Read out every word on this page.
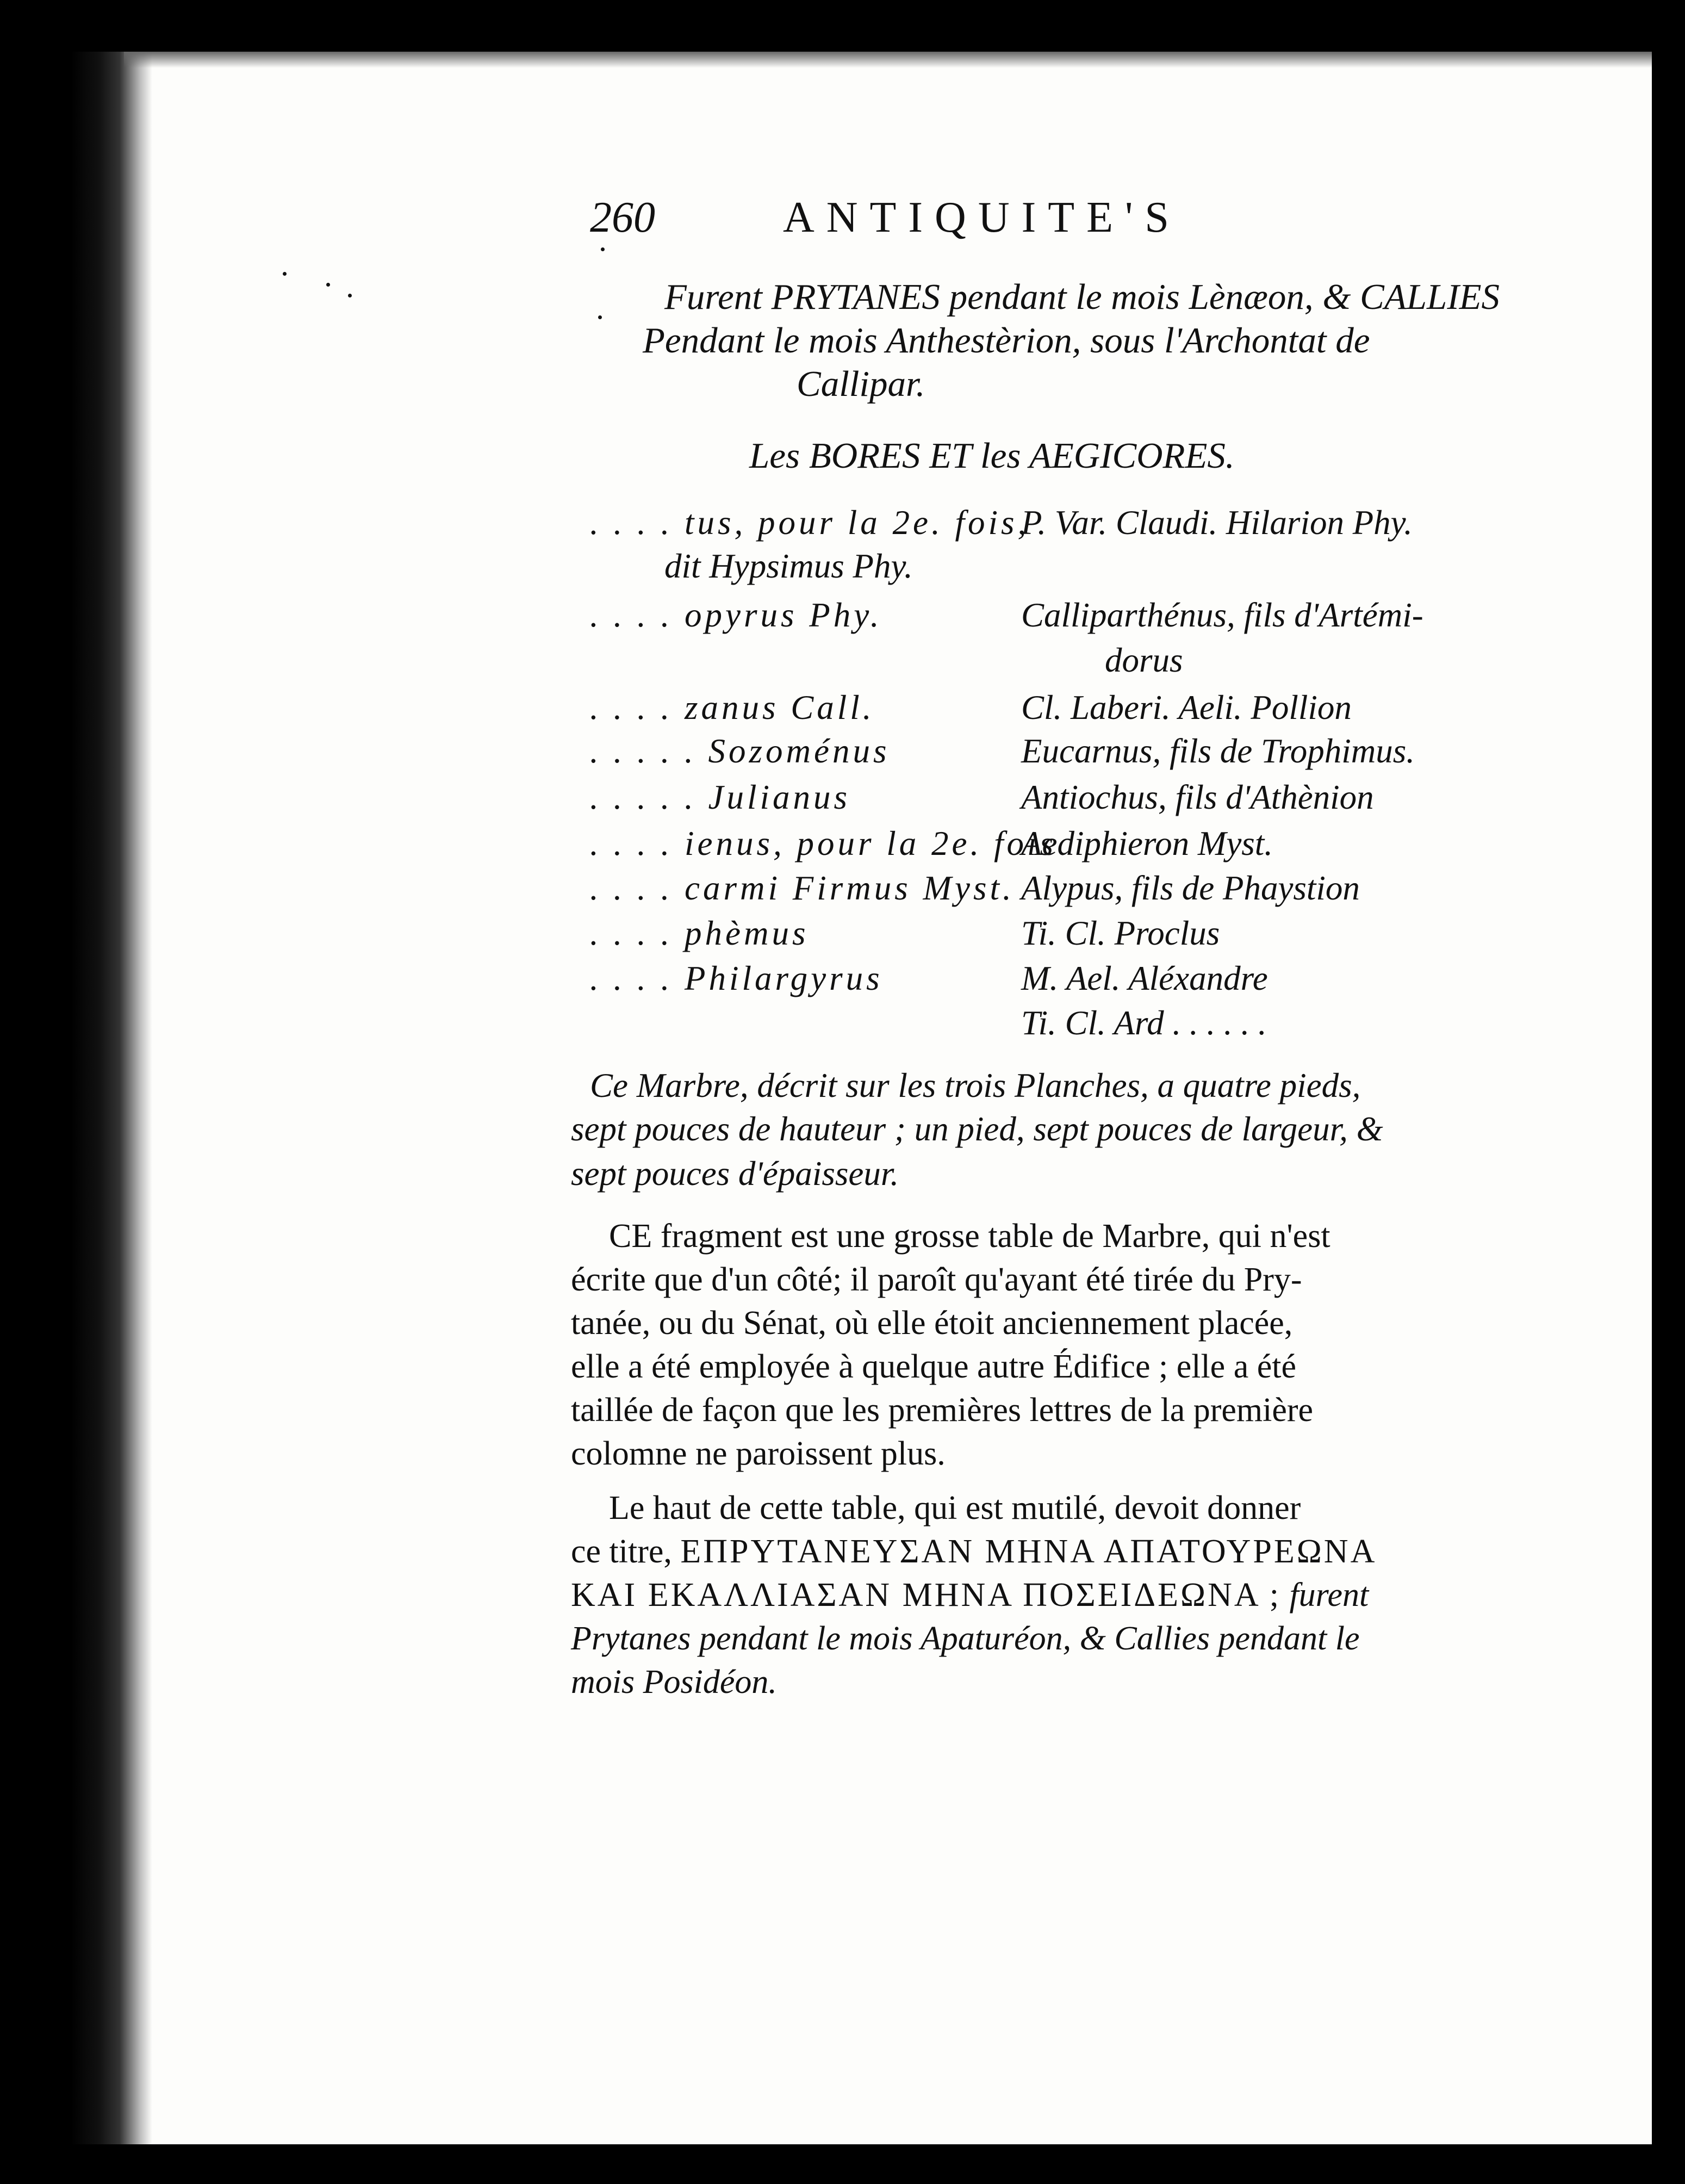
260	ANTIQUITE'S
Furent PRYTANES pendant le mois Lènæon, & CALLIES
Pendant le mois Anthestèrion, sous l'Archontat de
Callipar.
Les BORES ET les AEGICORES.
. . . . tus, pour la 2e. fois,
dit Hypsimus Phy.
. . . . opyrus Phy.
. . . . zanus Call.
. . . . . Sozoménus
. . . . . Julianus
. . . . ienus, pour la 2e. fois
. . . . carmi Firmus Myst.
. . . . phèmus
. . . . Philargyrus
P. Var. Claudi. Hilarion Phy.
Calliparthénus, fils d'Artémi-
dorus
Cl. Laberi. Aeli. Pollion
Eucarnus, fils de Trophimus.
Antiochus, fils d'Athènion
Aediphieron Myst.
Alypus, fils de Phaystion
Ti. Cl. Proclus
M. Ael. Aléxandre
Ti. Cl. Ard . . . . . .
Ce Marbre, décrit sur les trois Planches, a quatre pieds,
sept pouces de hauteur ; un pied, sept pouces de largeur, &
sept pouces d'épaisseur.
CE fragment est une grosse table de Marbre, qui n'est
écrite que d'un côté; il paroît qu'ayant été tirée du Pry-
tanée, ou du Sénat, où elle étoit anciennement placée,
elle a été employée à quelque autre Édifice ; elle a été
taillée de façon que les premières lettres de la première
colomne ne paroissent plus.
Le haut de cette table, qui est mutilé, devoit donner
ce titre, ΕΠΡΥΤΑΝΕΥΣΑΝ ΜΗΝΑ ΑΠΑΤΟΥΡΕΩΝΑ
ΚΑΙ ΕΚΑΛΛΙΑΣΑΝ ΜΗΝΑ ΠΟΣΕΙΔΕΩΝΑ ; furent
Prytanes pendant le mois Apaturéon, & Callies pendant le
mois Posidéon.
